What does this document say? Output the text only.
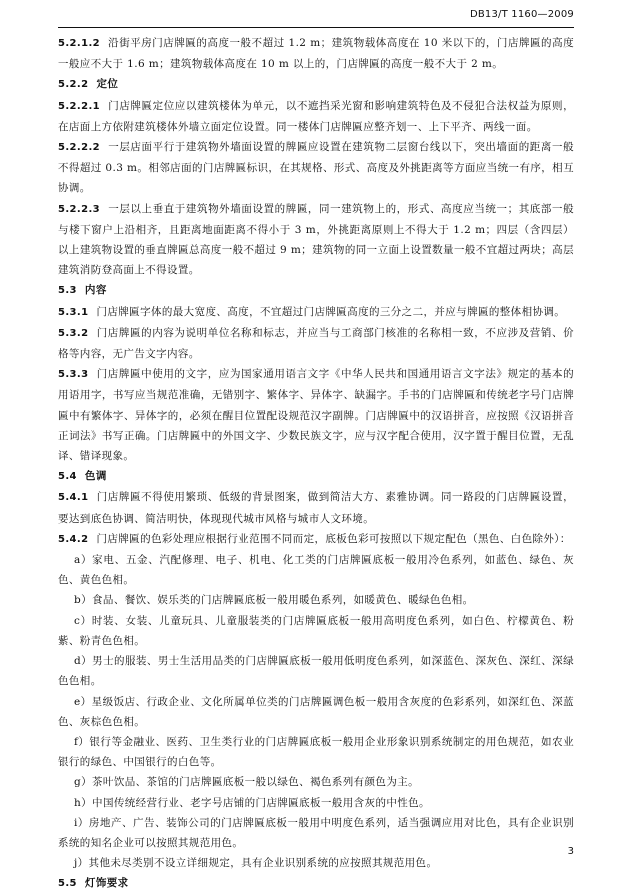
DB13/T 1160—2009

5.2.1.2 沿街平房门店牌匾的高度一般不超过 1.2 m；建筑物载体高度在 10 米以下的，门店牌匾的高度一般应不大于 1.6 m；建筑物载体高度在 10 m 以上的，门店牌匾的高度一般不大于 2 m。

5.2.2 定位

5.2.2.1 门店牌匾定位应以建筑楼体为单元，以不遮挡采光窗和影响建筑特色及不侵犯合法权益为原则，在店面上方依附建筑楼体外墙立面定位设置。同一楼体门店牌匾应整齐划一、上下平齐、两线一面。

5.2.2.2 一层店面平行于建筑物外墙面设置的牌匾应设置在建筑物二层窗台线以下，突出墙面的距离一般不得超过 0.3 m。相邻店面的门店牌匾标识，在其规格、形式、高度及外挑距离等方面应当统一有序，相互协调。

5.2.2.3 一层以上垂直于建筑物外墙面设置的牌匾，同一建筑物上的，形式、高度应当统一；其底部一般与楼下窗户上沿相齐，且距离地面距离不得小于 3 m，外挑距离原则上不得大于 1.2 m；四层（含四层）以上建筑物设置的垂直牌匾总高度一般不超过 9 m；建筑物的同一立面上设置数量一般不宜超过两块；高层建筑消防登高面上不得设置。

5.3 内容

5.3.1 门店牌匾字体的最大宽度、高度，不宜超过门店牌匾高度的三分之二，并应与牌匾的整体相协调。

5.3.2 门店牌匾的内容为说明单位名称和标志，并应当与工商部门核准的名称相一致，不应涉及营销、价格等内容，无广告文字内容。

5.3.3 门店牌匾中使用的文字，应为国家通用语言文字《中华人民共和国通用语言文字法》规定的基本的用语用字，书写应当规范准确，无错别字、繁体字、异体字、缺漏字。手书的门店牌匾和传统老字号门店牌匾中有繁体字、异体字的，必须在醒目位置配设规范汉字副牌。门店牌匾中的汉语拼音，应按照《汉语拼音正词法》书写正确。门店牌匾中的外国文字、少数民族文字，应与汉字配合使用，汉字置于醒目位置，无乱译、错译现象。

5.4 色调

5.4.1 门店牌匾不得使用繁琐、低级的背景图案，做到简洁大方、素雅协调。同一路段的门店牌匾设置，要达到底色协调、简洁明快，体现现代城市风格与城市人文环境。

5.4.2 门店牌匾的色彩处理应根据行业范围不同而定，底板色彩可按照以下规定配色（黑色、白色除外）：

a）家电、五金、汽配修理、电子、机电、化工类的门店牌匾底板一般用冷色系列，如蓝色、绿色、灰色、黄色色相。

b）食品、餐饮、娱乐类的门店牌匾底板一般用暖色系列，如暖黄色、暖绿色色相。

c）时装、女装、儿童玩具、儿童服装类的门店牌匾底板一般用高明度色系列，如白色、柠檬黄色、粉紫、粉青色色相。

d）男士的服装、男士生活用品类的门店牌匾底板一般用低明度色系列，如深蓝色、深灰色、深红、深绿色色相。

e）星级饭店、行政企业、文化所属单位类的门店牌匾调色板一般用含灰度的色彩系列，如深红色、深蓝色、灰棕色色相。

f）银行等金融业、医药、卫生类行业的门店牌匾底板一般用企业形象识别系统制定的用色规范，如农业银行的绿色、中国银行的白色等。

g）茶叶饮品、茶馆的门店牌匾底板一般以绿色、褐色系列有颜色为主。

h）中国传统经营行业、老字号店铺的门店牌匾底板一般用含灰的中性色。

i）房地产、广告、装饰公司的门店牌匾底板一般用中明度色系列，适当强调应用对比色，具有企业识别系统的知名企业可以按照其规范用色。

j）其他未尽类别不设立详细规定，具有企业识别系统的应按照其规范用色。

5.5 灯饰要求

3
